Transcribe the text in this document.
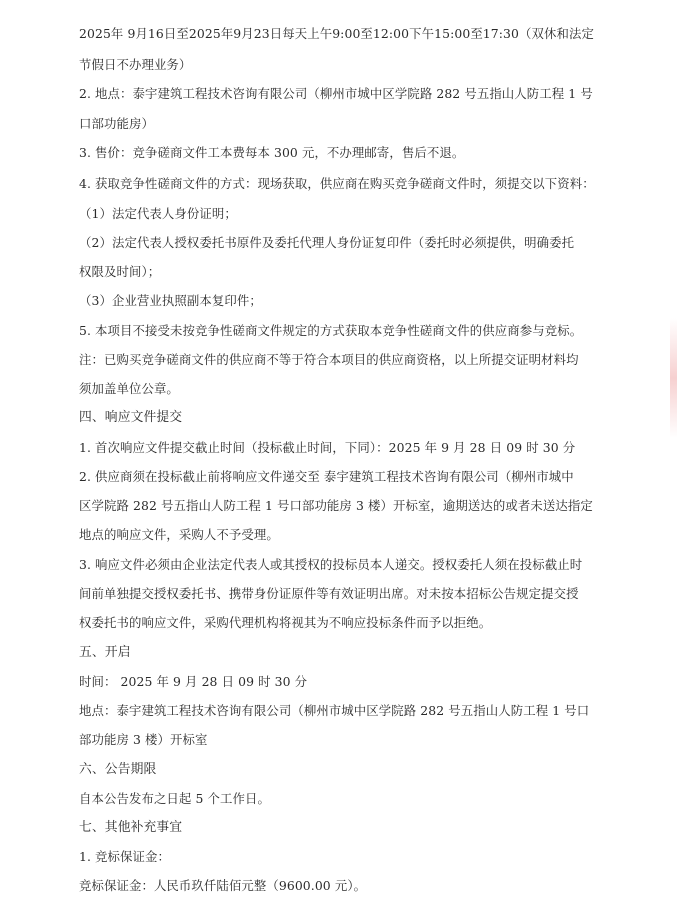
2025年 9月16日至2025年9月23日每天上午9:00至12:00下午15:00至17:30（双休和法定
节假日不办理业务）
2. 地点：泰宇建筑工程技术咨询有限公司（柳州市城中区学院路 282 号五指山人防工程 1 号
口部功能房）
3. 售价：竞争磋商文件工本费每本 300 元，不办理邮寄，售后不退。
4. 获取竞争性磋商文件的方式：现场获取，供应商在购买竞争磋商文件时，须提交以下资料：
（1）法定代表人身份证明；
（2）法定代表人授权委托书原件及委托代理人身份证复印件（委托时必须提供，明确委托
权限及时间）；
（3）企业营业执照副本复印件；
5. 本项目不接受未按竞争性磋商文件规定的方式获取本竞争性磋商文件的供应商参与竞标。
注：已购买竞争磋商文件的供应商不等于符合本项目的供应商资格，以上所提交证明材料均
须加盖单位公章。
四、响应文件提交
1. 首次响应文件提交截止时间（投标截止时间，下同）：2025 年 9 月 28 日 09 时 30 分
2. 供应商须在投标截止前将响应文件递交至 泰宇建筑工程技术咨询有限公司（柳州市城中
区学院路 282 号五指山人防工程 1 号口部功能房 3 楼）开标室，逾期送达的或者未送达指定
地点的响应文件，采购人不予受理。
3. 响应文件必须由企业法定代表人或其授权的投标员本人递交。授权委托人须在投标截止时
间前单独提交授权委托书、携带身份证原件等有效证明出席。对未按本招标公告规定提交授
权委托书的响应文件，采购代理机构将视其为不响应投标条件而予以拒绝。
五、开启
时间： 2025 年 9 月 28 日 09 时 30 分
地点：泰宇建筑工程技术咨询有限公司（柳州市城中区学院路 282 号五指山人防工程 1 号口
部功能房 3 楼）开标室
六、公告期限
自本公告发布之日起 5 个工作日。
七、其他补充事宜
1. 竞标保证金：
竞标保证金：人民币玖仟陆佰元整（9600.00 元）。
